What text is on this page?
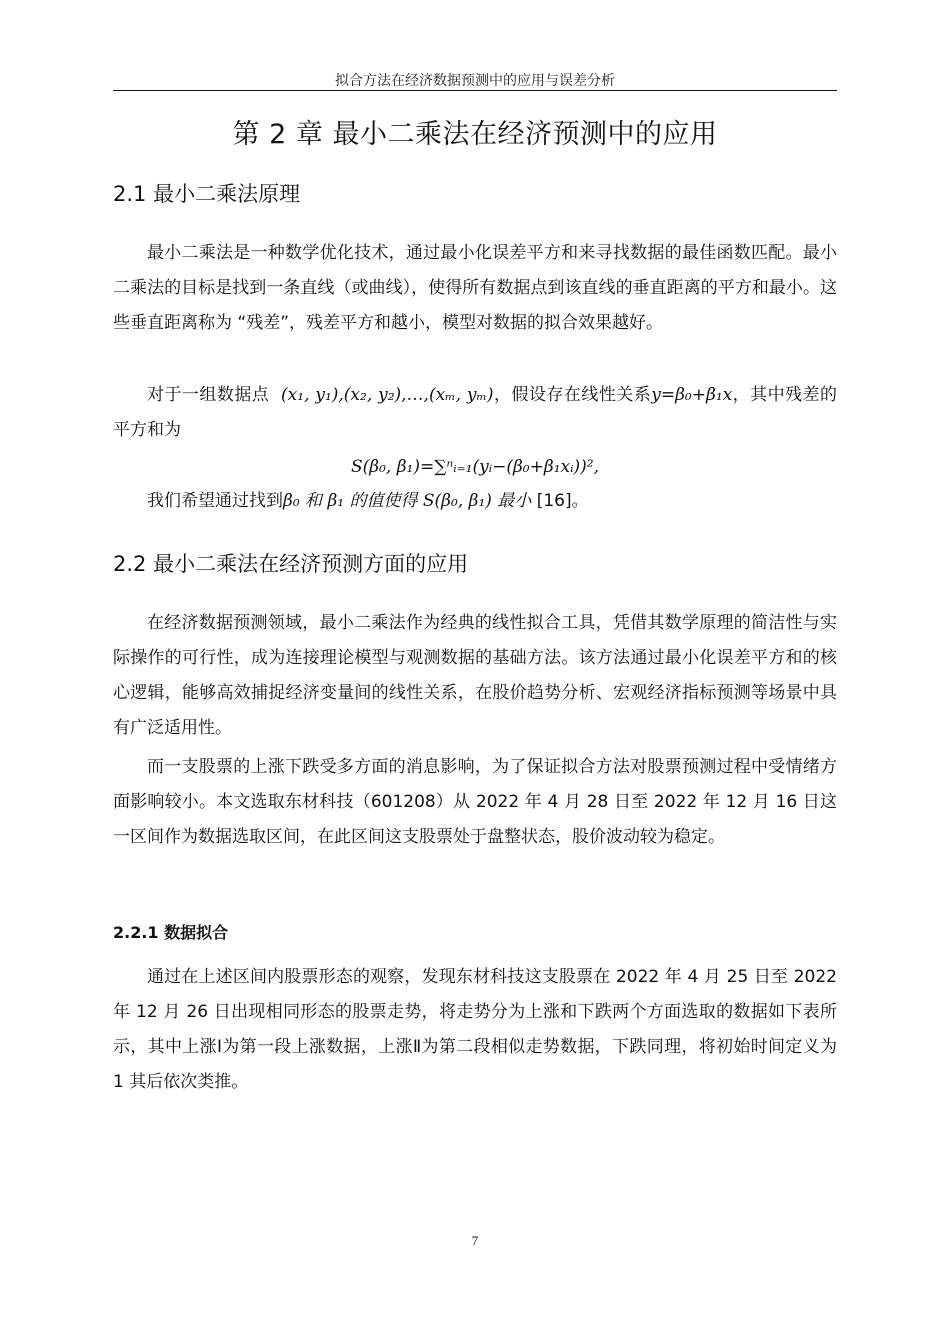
拟合方法在经济数据预测中的应用与误差分析
第 2 章 最小二乘法在经济预测中的应用
2.1 最小二乘法原理

最小二乘法是一种数学优化技术，通过最小化误差平方和来寻找数据的最佳函数匹配。最小二乘法的目标是找到一条直线（或曲线），使得所有数据点到该直线的垂直距离的平方和最小。这些垂直距离称为 “残差”，残差平方和越小，模型对数据的拟合效果越好。

对于一组数据点 (x₁, y₁),(x₂, y₂),…,(xₘ, yₘ)，假设存在线性关系y=β₀+β₁x，其中残差的平方和为

S(β₀, β₁)=∑ⁿᵢ₌₁(yᵢ−(β₀+β₁xᵢ))²,

我们希望通过找到β₀ 和 β₁ 的值使得 S(β₀, β₁) 最小 [16]。

2.2 最小二乘法在经济预测方面的应用

在经济数据预测领域，最小二乘法作为经典的线性拟合工具，凭借其数学原理的简洁性与实际操作的可行性，成为连接理论模型与观测数据的基础方法。该方法通过最小化误差平方和的核心逻辑，能够高效捕捉经济变量间的线性关系，在股价趋势分析、宏观经济指标预测等场景中具有广泛适用性。

而一支股票的上涨下跌受多方面的消息影响，为了保证拟合方法对股票预测过程中受情绪方面影响较小。本文选取东材科技（601208）从 2022 年 4 月 28 日至 2022 年 12 月 16 日这一区间作为数据选取区间，在此区间这支股票处于盘整状态，股价波动较为稳定。

2.2.1 数据拟合

通过在上述区间内股票形态的观察，发现东材科技这支股票在 2022 年 4 月 25 日至 2022 年 12 月 26 日出现相同形态的股票走势，将走势分为上涨和下跌两个方面选取的数据如下表所示，其中上涨Ⅰ为第一段上涨数据，上涨Ⅱ为第二段相似走势数据，下跌同理，将初始时间定义为 1 其后依次类推。

7
